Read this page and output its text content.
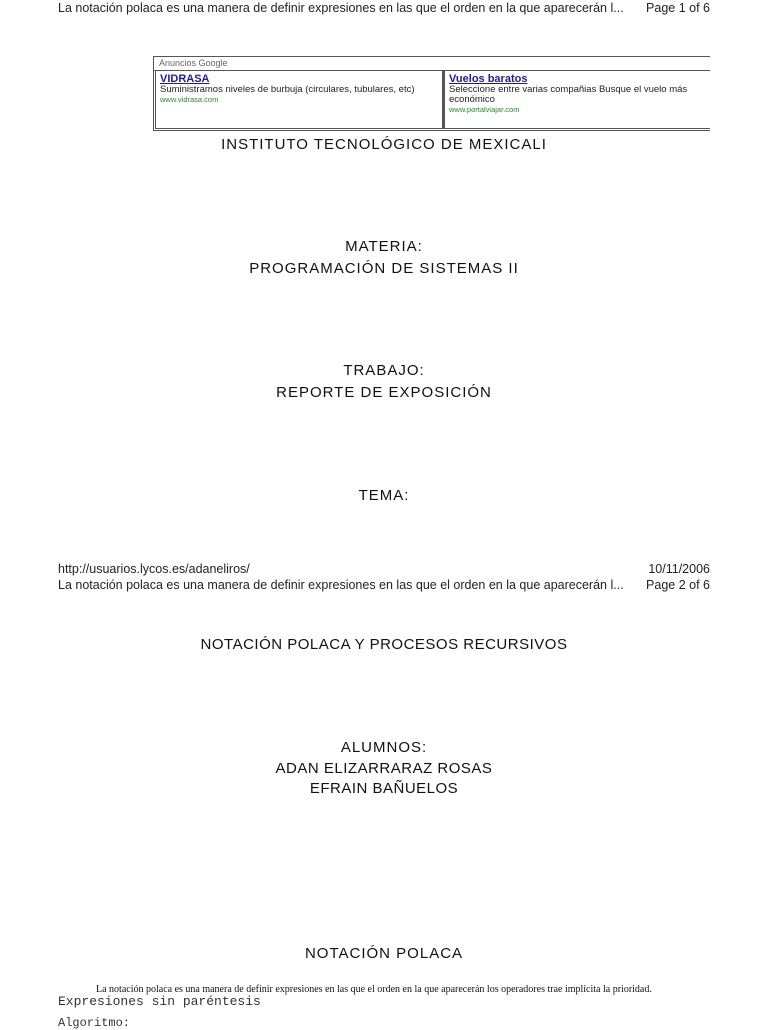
La notación polaca es una manera de definir expresiones en las que el orden en la que aparecerán l... Page 1 of 6
Anuncios Google
VIDRASA
Suministramos niveles de burbuja (circulares, tubulares, etc)
www.vidrasa.com
Vuelos baratos
Seleccione entre varias compañias Busque el vuelo más económico
www.portalviajar.com
INSTITUTO TECNOLÓGICO DE MEXICALI
MATERIA:
PROGRAMACIÓN DE SISTEMAS II
TRABAJO:
REPORTE DE EXPOSICIÓN
TEMA:
http://usuarios.lycos.es/adaneliros/	10/11/2006
La notación polaca es una manera de definir expresiones en las que el orden en la que aparecerán l... Page 2 of 6
NOTACIÓN POLACA Y PROCESOS RECURSIVOS
ALUMNOS:
ADAN ELIZARRARAZ ROSAS
EFRAIN BAÑUELOS
NOTACIÓN POLACA
La notación polaca es una manera de definir expresiones en las que el orden en la que aparecerán los operadores trae implícita la prioridad.
Expresiones sin paréntesis
Algoritmo:
